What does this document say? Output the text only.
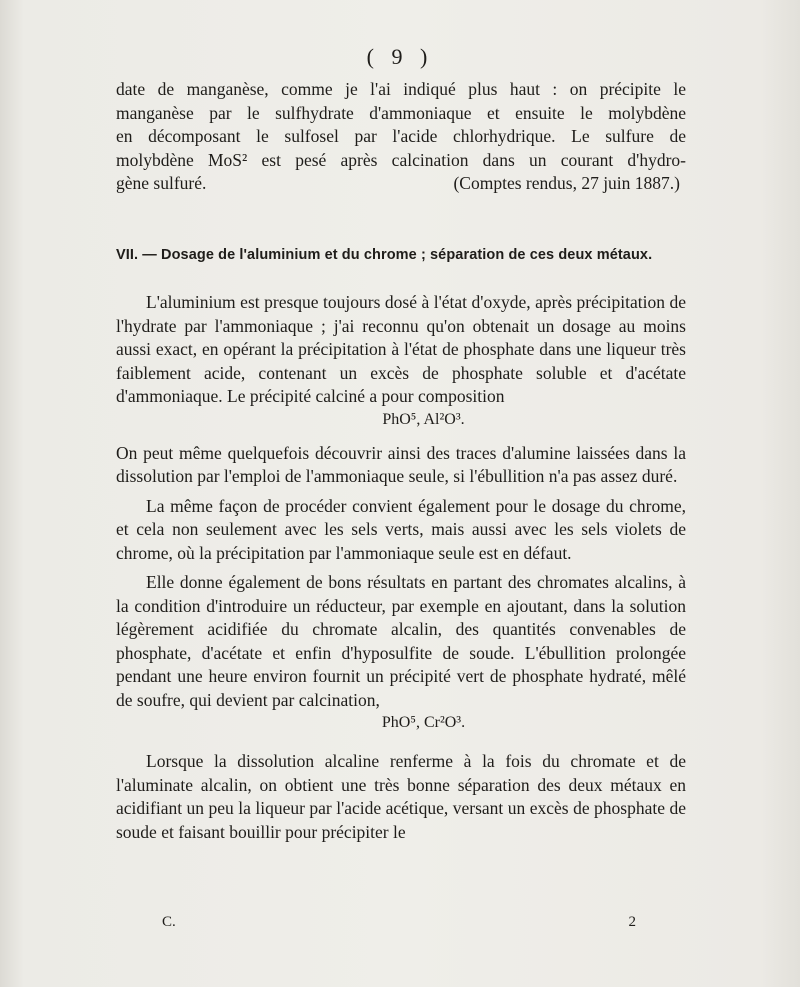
( 9 )

date de manganèse, comme je l'ai indiqué plus haut : on précipite le

manganèse par le sulfhydrate d'ammoniaque et ensuite le molybdène

en décomposant le sulfosel par l'acide chlorhydrique. Le sulfure de

molybdène MoS² est pesé après calcination dans un courant d'hydro-

gène sulfuré.	(Comptes rendus, 27 juin 1887.)

VII. — Dosage de l'aluminium et du chrome ; séparation de ces deux métaux.

L'aluminium est presque toujours dosé à l'état d'oxyde, après précipitation de l'hydrate par l'ammoniaque ; j'ai reconnu qu'on obtenait un dosage au moins aussi exact, en opérant la précipitation à l'état de phosphate dans une liqueur très faiblement acide, contenant un excès de phosphate soluble et d'acétate d'ammoniaque. Le précipité calciné a pour composition

PhO⁵, Al²O³.

On peut même quelquefois découvrir ainsi des traces d'alumine laissées dans la dissolution par l'emploi de l'ammoniaque seule, si l'ébullition n'a pas assez duré.

La même façon de procéder convient également pour le dosage du chrome, et cela non seulement avec les sels verts, mais aussi avec les sels violets de chrome, où la précipitation par l'ammoniaque seule est en défaut.

Elle donne également de bons résultats en partant des chromates alcalins, à la condition d'introduire un réducteur, par exemple en ajoutant, dans la solution légèrement acidifiée du chromate alcalin, des quantités convenables de phosphate, d'acétate et enfin d'hyposulfite de soude. L'ébullition prolongée pendant une heure environ fournit un précipité vert de phosphate hydraté, mêlé de soufre, qui devient par calcination,

PhO⁵, Cr²O³.

Lorsque la dissolution alcaline renferme à la fois du chromate et de l'aluminate alcalin, on obtient une très bonne séparation des deux métaux en acidifiant un peu la liqueur par l'acide acétique, versant un excès de phosphate de soude et faisant bouillir pour précipiter le

C.	2
